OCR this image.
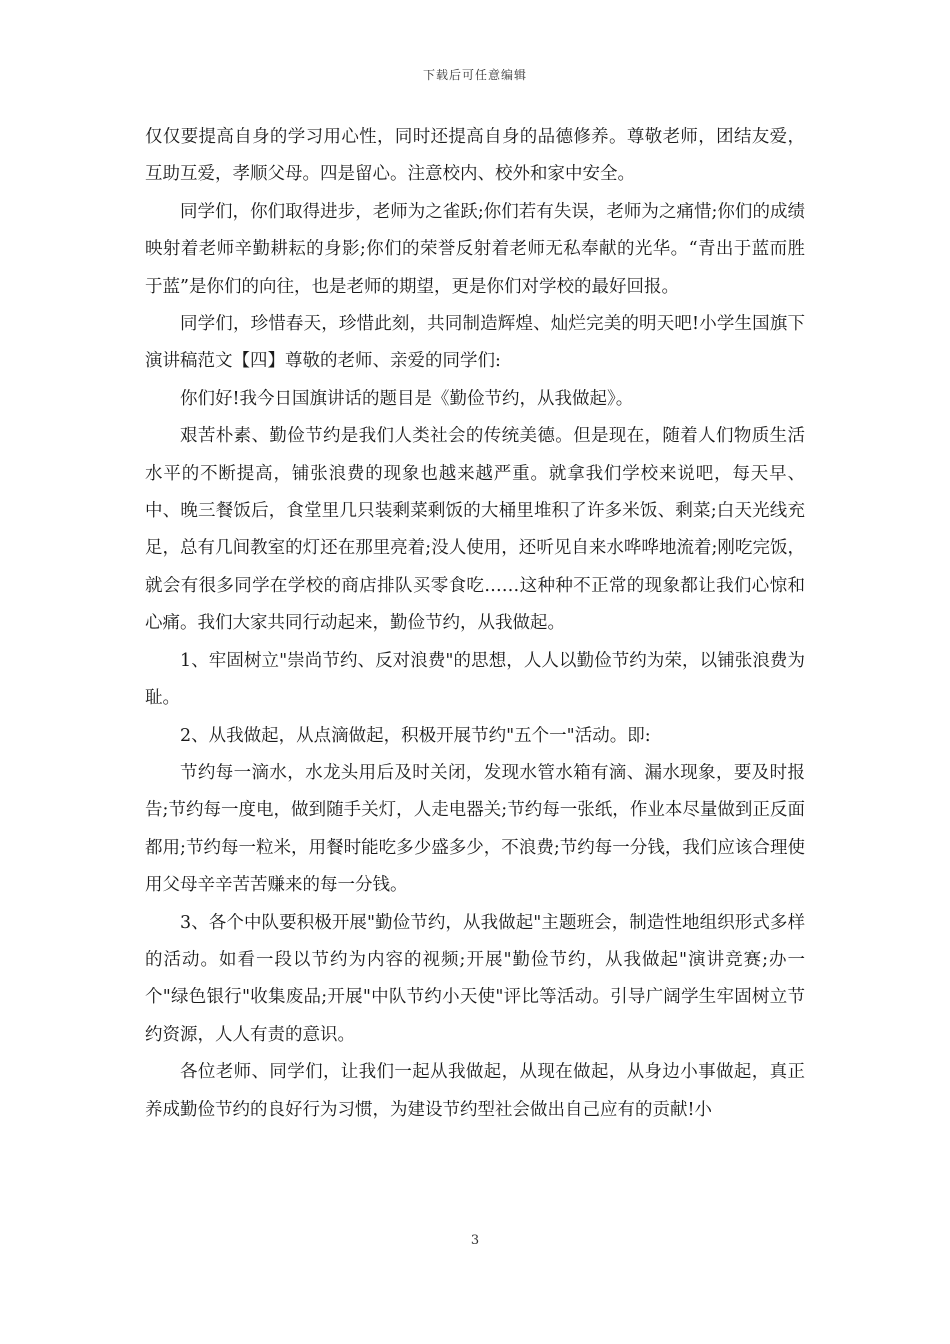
下载后可任意编辑

仅仅要提高自身的学习用心性，同时还提高自身的品德修养。尊敬老师，团结友爱，互助互爱，孝顺父母。四是留心。注意校内、校外和家中安全。

同学们，你们取得进步，老师为之雀跃;你们若有失误，老师为之痛惜;你们的成绩映射着老师辛勤耕耘的身影;你们的荣誉反射着老师无私奉献的光华。“青出于蓝而胜于蓝”是你们的向往，也是老师的期望，更是你们对学校的最好回报。

同学们，珍惜春天，珍惜此刻，共同制造辉煌、灿烂完美的明天吧!小学生国旗下演讲稿范文【四】尊敬的老师、亲爱的同学们:

你们好!我今日国旗讲话的题目是《勤俭节约，从我做起》。

艰苦朴素、勤俭节约是我们人类社会的传统美德。但是现在，随着人们物质生活水平的不断提高，铺张浪费的现象也越来越严重。就拿我们学校来说吧，每天早、中、晚三餐饭后，食堂里几只装剩菜剩饭的大桶里堆积了许多米饭、剩菜;白天光线充足，总有几间教室的灯还在那里亮着;没人使用，还听见自来水哗哗地流着;刚吃完饭，就会有很多同学在学校的商店排队买零食吃……这种种不正常的现象都让我们心惊和心痛。我们大家共同行动起来，勤俭节约，从我做起。

1、牢固树立"崇尚节约、反对浪费"的思想，人人以勤俭节约为荣，以铺张浪费为耻。

2、从我做起，从点滴做起，积极开展节约"五个一"活动。即:

节约每一滴水，水龙头用后及时关闭，发现水管水箱有滴、漏水现象，要及时报告;节约每一度电，做到随手关灯，人走电器关;节约每一张纸，作业本尽量做到正反面都用;节约每一粒米，用餐时能吃多少盛多少，不浪费;节约每一分钱，我们应该合理使用父母辛辛苦苦赚来的每一分钱。

3、各个中队要积极开展"勤俭节约，从我做起"主题班会，制造性地组织形式多样的活动。如看一段以节约为内容的视频;开展"勤俭节约，从我做起"演讲竞赛;办一个"绿色银行"收集废品;开展"中队节约小天使"评比等活动。引导广阔学生牢固树立节约资源，人人有责的意识。

各位老师、同学们，让我们一起从我做起，从现在做起，从身边小事做起，真正养成勤俭节约的良好行为习惯，为建设节约型社会做出自己应有的贡献!小

3
